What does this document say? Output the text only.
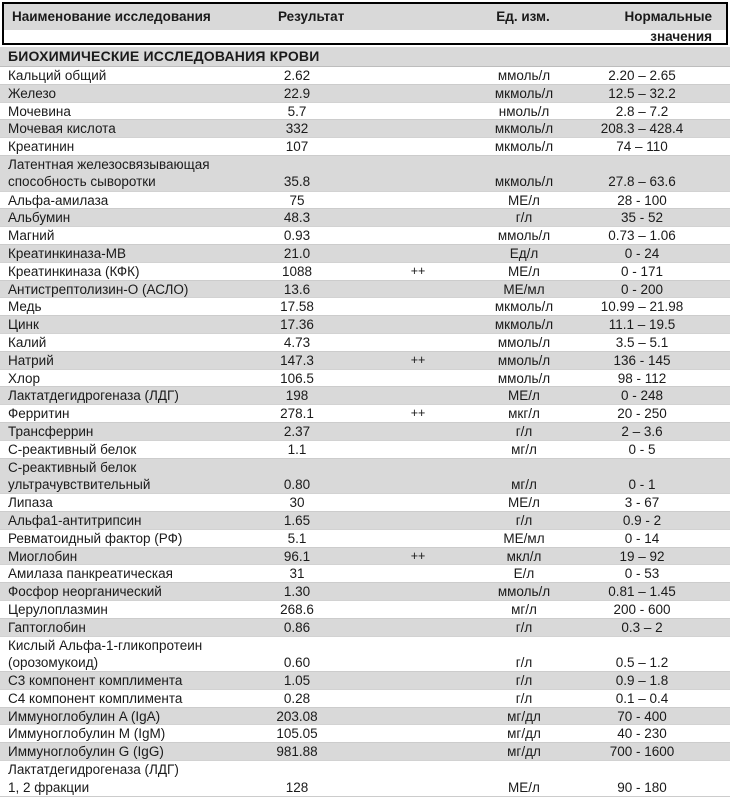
Наименование исследования	Результат	Ед. изм.	Нормальные
значения
БИОХИМИЧЕСКИЕ ИССЛЕДОВАНИЯ КРОВИ
Кальций общий	2.62	ммоль/л	2.20 – 2.65
Железо	22.9	мкмоль/л	12.5 – 32.2
Мочевина	5.7	нмоль/л	2.8 – 7.2
Мочевая кислота	332	мкмоль/л	208.3 – 428.4
Креатинин	107	мкмоль/л	74 – 110
Латентная железосвязывающая
способность сыворотки	35.8	мкмоль/л	27.8 – 63.6
Альфа-амилаза	75	МЕ/л	28 - 100
Альбумин	48.3	г/л	35 - 52
Магний	0.93	ммоль/л	0.73 – 1.06
Креатинкиназа-МВ	21.0	Ед/л	0 - 24
Креатинкиназа (КФК)	1088	++	МЕ/л	0 - 171
Антистрептолизин-О (АСЛО)	13.6	МЕ/мл	0 - 200
Медь	17.58	мкмоль/л	10.99 – 21.98
Цинк	17.36	мкмоль/л	11.1 – 19.5
Калий	4.73	ммоль/л	3.5 – 5.1
Натрий	147.3	++	ммоль/л	136 - 145
Хлор	106.5	ммоль/л	98 - 112
Лактатдегидрогеназа (ЛДГ)	198	МЕ/л	0 - 248
Ферритин	278.1	++	мкг/л	20 - 250
Трансферрин	2.37	г/л	2 – 3.6
С-реактивный белок	1.1	мг/л	0 - 5
С-реактивный белок
ультрачувствительный	0.80	мг/л	0 - 1
Липаза	30	МЕ/л	3 - 67
Альфа1-антитрипсин	1.65	г/л	0.9 - 2
Ревматоидный фактор (РФ)	5.1	МЕ/мл	0 - 14
Миоглобин	96.1	++	мкл/л	19 – 92
Амилаза панкреатическая	31	Е/л	0 - 53
Фосфор неорганический	1.30	ммоль/л	0.81 – 1.45
Церулоплазмин	268.6	мг/л	200 - 600
Гаптоглобин	0.86	г/л	0.3 – 2
Кислый Альфа-1-гликопротеин
(орозомукоид)	0.60	г/л	0.5 – 1.2
С3 компонент комплимента	1.05	г/л	0.9 – 1.8
С4 компонент комплимента	0.28	г/л	0.1 – 0.4
Иммуноглобулин A (IgA)	203.08	мг/дл	70 - 400
Иммуноглобулин M (IgM)	105.05	мг/дл	40 - 230
Иммуноглобулин G (IgG)	981.88	мг/дл	700 - 1600
Лактатдегидрогеназа (ЛДГ)
1, 2 фракции	128	МЕ/л	90 - 180
